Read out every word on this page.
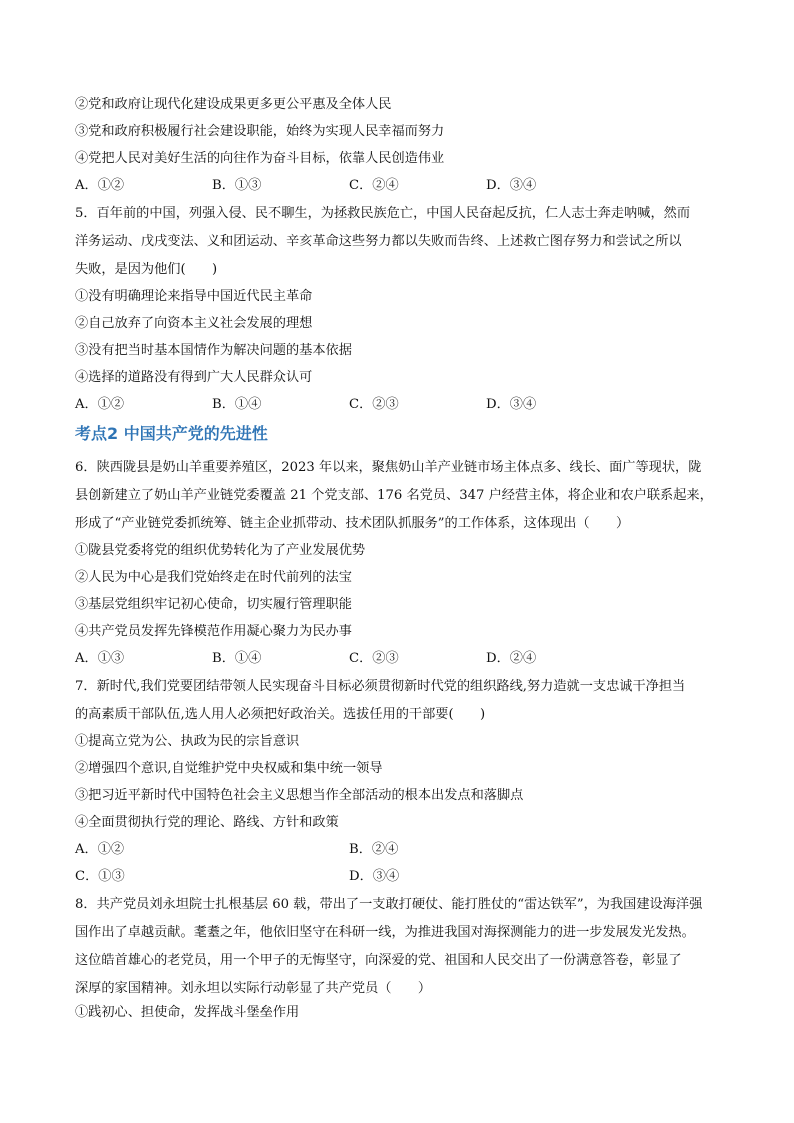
②党和政府让现代化建设成果更多更公平惠及全体人民
③党和政府积极履行社会建设职能，始终为实现人民幸福而努力
④党把人民对美好生活的向往作为奋斗目标，依靠人民创造伟业
A．①②	B．①③	C．②④	D．③④
5．百年前的中国，列强入侵、民不聊生，为拯救民族危亡，中国人民奋起反抗，仁人志士奔走呐喊，然而
洋务运动、戊戌变法、义和团运动、辛亥革命这些努力都以失败而告终、上述救亡图存努力和尝试之所以
失败，是因为他们(　　)
①没有明确理论来指导中国近代民主革命
②自己放弃了向资本主义社会发展的理想
③没有把当时基本国情作为解决问题的基本依据
④选择的道路没有得到广大人民群众认可
A．①②	B．①④	C．②③	D．③④
考点2 中国共产党的先进性
6．陕西陇县是奶山羊重要养殖区，2023 年以来，聚焦奶山羊产业链市场主体点多、线长、面广等现状，陇
县创新建立了奶山羊产业链党委覆盖 21 个党支部、176 名党员、347 户经营主体，将企业和农户联系起来，
形成了“产业链党委抓统筹、链主企业抓带动、技术团队抓服务”的工作体系，这体现出（　　）
①陇县党委将党的组织优势转化为了产业发展优势
②人民为中心是我们党始终走在时代前列的法宝
③基层党组织牢记初心使命，切实履行管理职能
④共产党员发挥先锋模范作用凝心聚力为民办事
A．①③	B．①④	C．②③	D．②④
7．新时代,我们党要团结带领人民实现奋斗目标必须贯彻新时代党的组织路线,努力造就一支忠诚干净担当
的高素质干部队伍,选人用人必须把好政治关。选拔任用的干部要(　　)
①提高立党为公、执政为民的宗旨意识
②增强四个意识,自觉维护党中央权威和集中统一领导
③把习近平新时代中国特色社会主义思想当作全部活动的根本出发点和落脚点
④全面贯彻执行党的理论、路线、方针和政策
A．①②	B．②④
C．①③	D．③④
8．共产党员刘永坦院士扎根基层 60 载，带出了一支敢打硬仗、能打胜仗的“雷达铁军”，为我国建设海洋强
国作出了卓越贡献。耄耋之年，他依旧坚守在科研一线，为推进我国对海探测能力的进一步发展发光发热。
这位皓首雄心的老党员，用一个甲子的无悔坚守，向深爱的党、祖国和人民交出了一份满意答卷，彰显了
深厚的家国精神。刘永坦以实际行动彰显了共产党员（　　）
①践初心、担使命，发挥战斗堡垒作用
